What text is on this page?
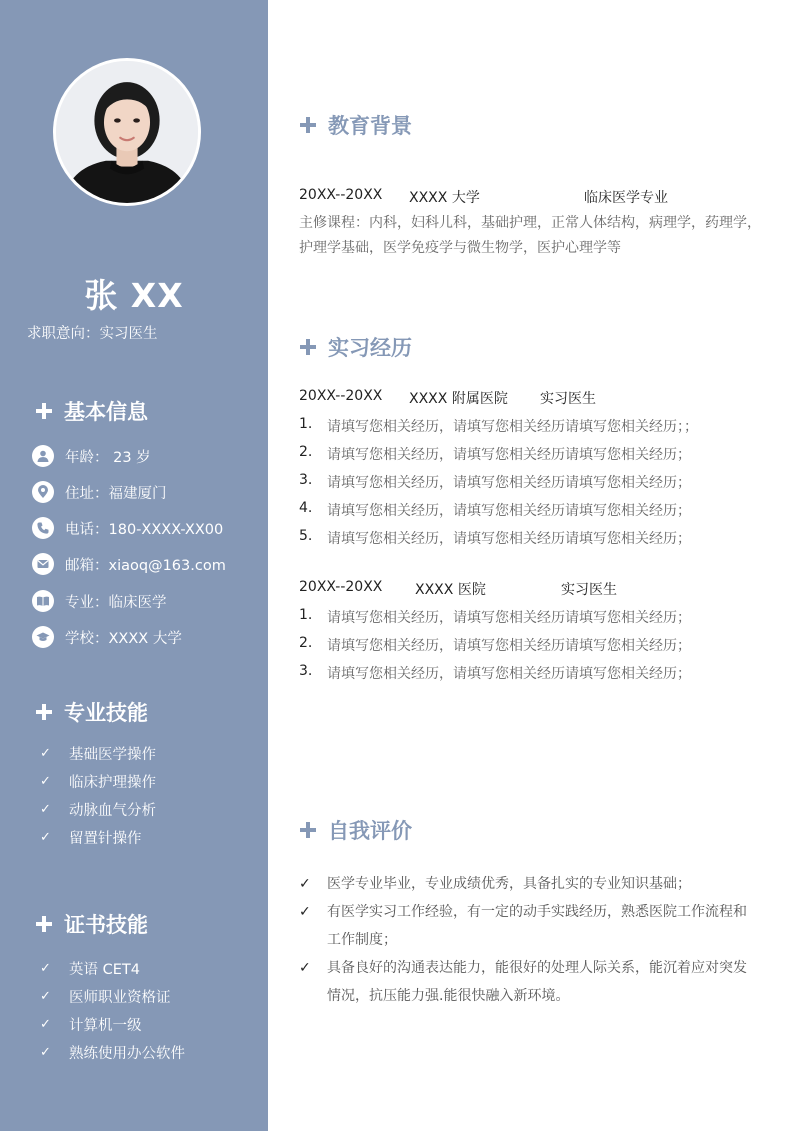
张 XX
求职意向：实习医生
基本信息
年龄： 23 岁
住址：福建厦门
电话：180-XXXX-XX00
邮箱：xiaoq@163.com
专业：临床医学
学校：XXXX 大学
专业技能
✓ 基础医学操作
✓ 临床护理操作
✓ 动脉血气分析
✓ 留置针操作
证书技能
✓ 英语 CET4
✓ 医师职业资格证
✓ 计算机一级
✓ 熟练使用办公软件
教育背景
20XX--20XX XXXX 大学	临床医学专业
主修课程：内科，妇科儿科，基础护理，正常人体结构，病理学，药理学，
护理学基础，医学免疫学与微生物学，医护心理学等
实习经历
20XX--20XX XXXX 附属医院 实习医生
1.	请填写您相关经历，请填写您相关经历请填写您相关经历；；
2.	请填写您相关经历，请填写您相关经历请填写您相关经历；
3.	请填写您相关经历，请填写您相关经历请填写您相关经历；
4.	请填写您相关经历，请填写您相关经历请填写您相关经历；
5.	请填写您相关经历，请填写您相关经历请填写您相关经历；
20XX--20XX XXXX 医院	实习医生
1.	请填写您相关经历，请填写您相关经历请填写您相关经历；
2.	请填写您相关经历，请填写您相关经历请填写您相关经历；
3.	请填写您相关经历，请填写您相关经历请填写您相关经历；
自我评价
✓	医学专业毕业，专业成绩优秀，具备扎实的专业知识基础；
✓	有医学实习工作经验，有一定的动手实践经历，熟悉医院工作流程和工作制度；
✓	具备良好的沟通表达能力，能很好的处理人际关系，能沉着应对突发情况，抗压能力强.能很快融入新环境。
